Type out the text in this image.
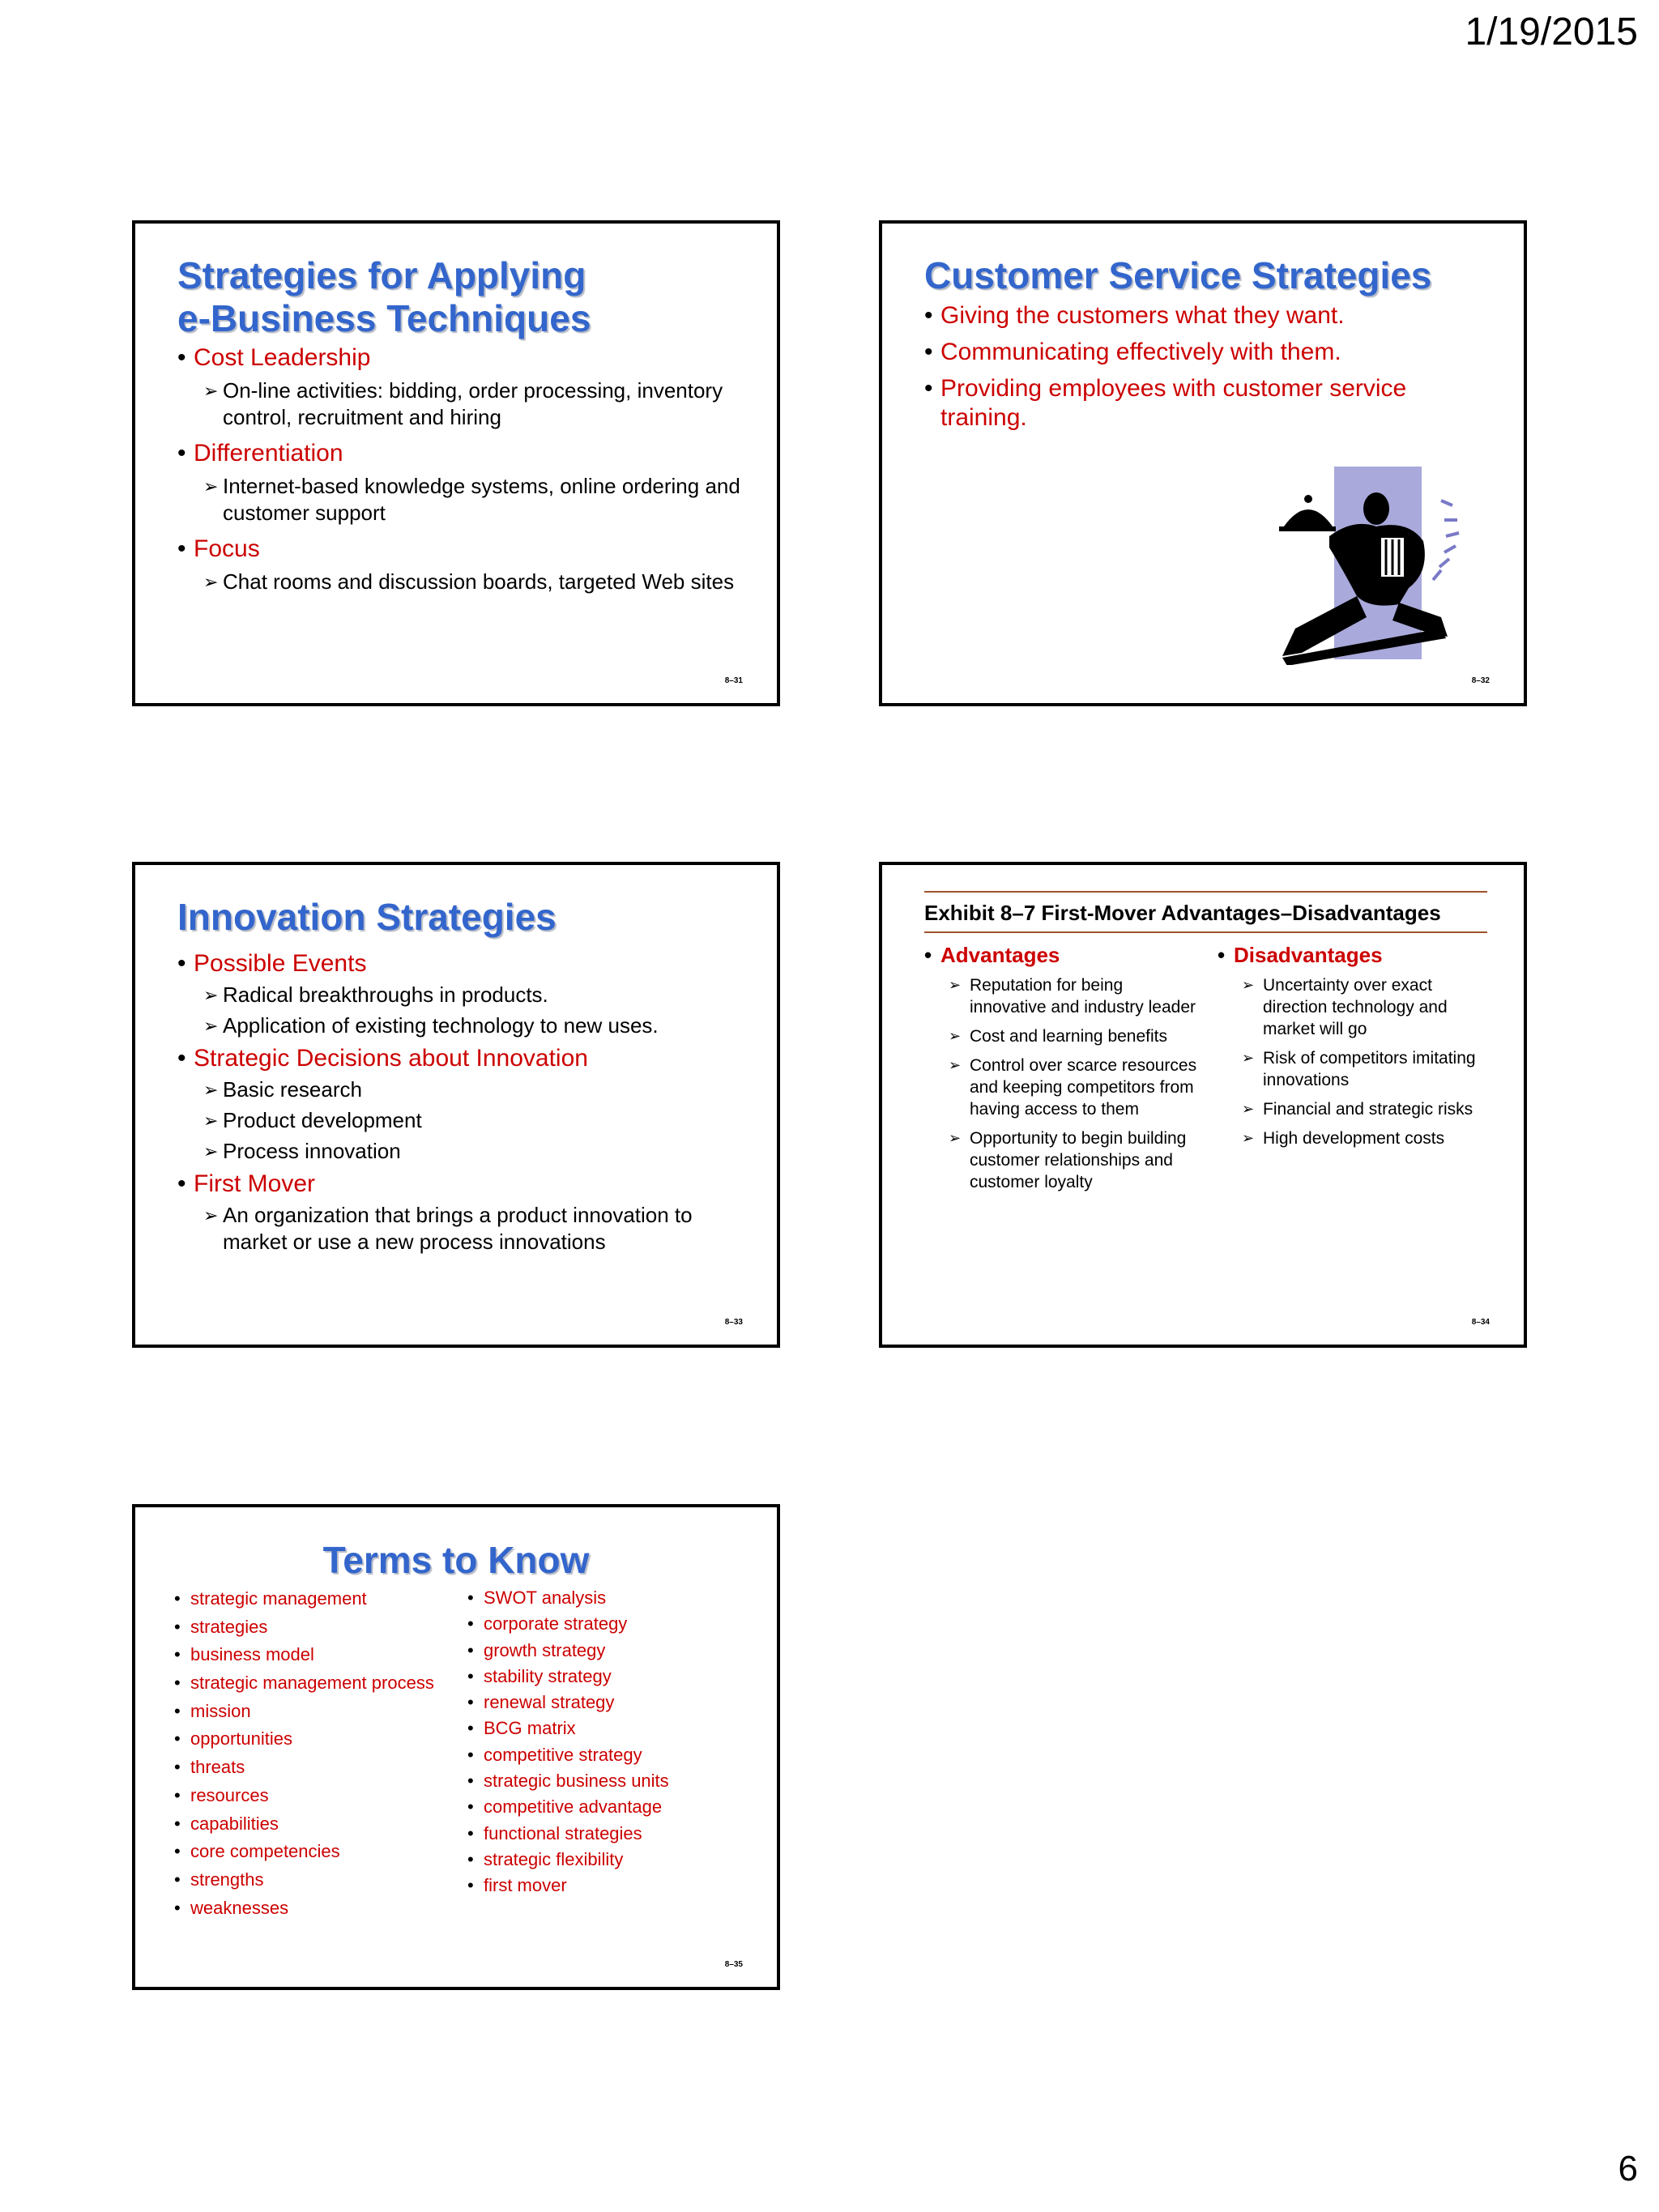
1/19/2015
Strategies for Applying
e-Business Techniques
• Cost Leadership
➢ On-line activities: bidding, order processing, inventory control, recruitment and hiring
• Differentiation
➢ Internet-based knowledge systems, online ordering and customer support
• Focus
➢ Chat rooms and discussion boards, targeted Web sites
8–31
Customer Service Strategies
• Giving the customers what they want.
• Communicating effectively with them.
• Providing employees with customer service training.
8–32
Innovation Strategies
• Possible Events
➢ Radical breakthroughs in products.
➢ Application of existing technology to new uses.
• Strategic Decisions about Innovation
➢ Basic research
➢ Product development
➢ Process innovation
• First Mover
➢ An organization that brings a product innovation to market or use a new process innovations
8–33
Exhibit 8–7 First-Mover Advantages–Disadvantages
• Advantages
➢ Reputation for being innovative and industry leader
➢ Cost and learning benefits
➢ Control over scarce resources and keeping competitors from having access to them
➢ Opportunity to begin building customer relationships and customer loyalty
• Disadvantages
➢ Uncertainty over exact direction technology and market will go
➢ Risk of competitors imitating innovations
➢ Financial and strategic risks
➢ High development costs
8–34
Terms to Know
• strategic management
• strategies
• business model
• strategic management process
• mission
• opportunities
• threats
• resources
• capabilities
• core competencies
• strengths
• weaknesses
• SWOT analysis
• corporate strategy
• growth strategy
• stability strategy
• renewal strategy
• BCG matrix
• competitive strategy
• strategic business units
• competitive advantage
• functional strategies
• strategic flexibility
• first mover
8–35
6
